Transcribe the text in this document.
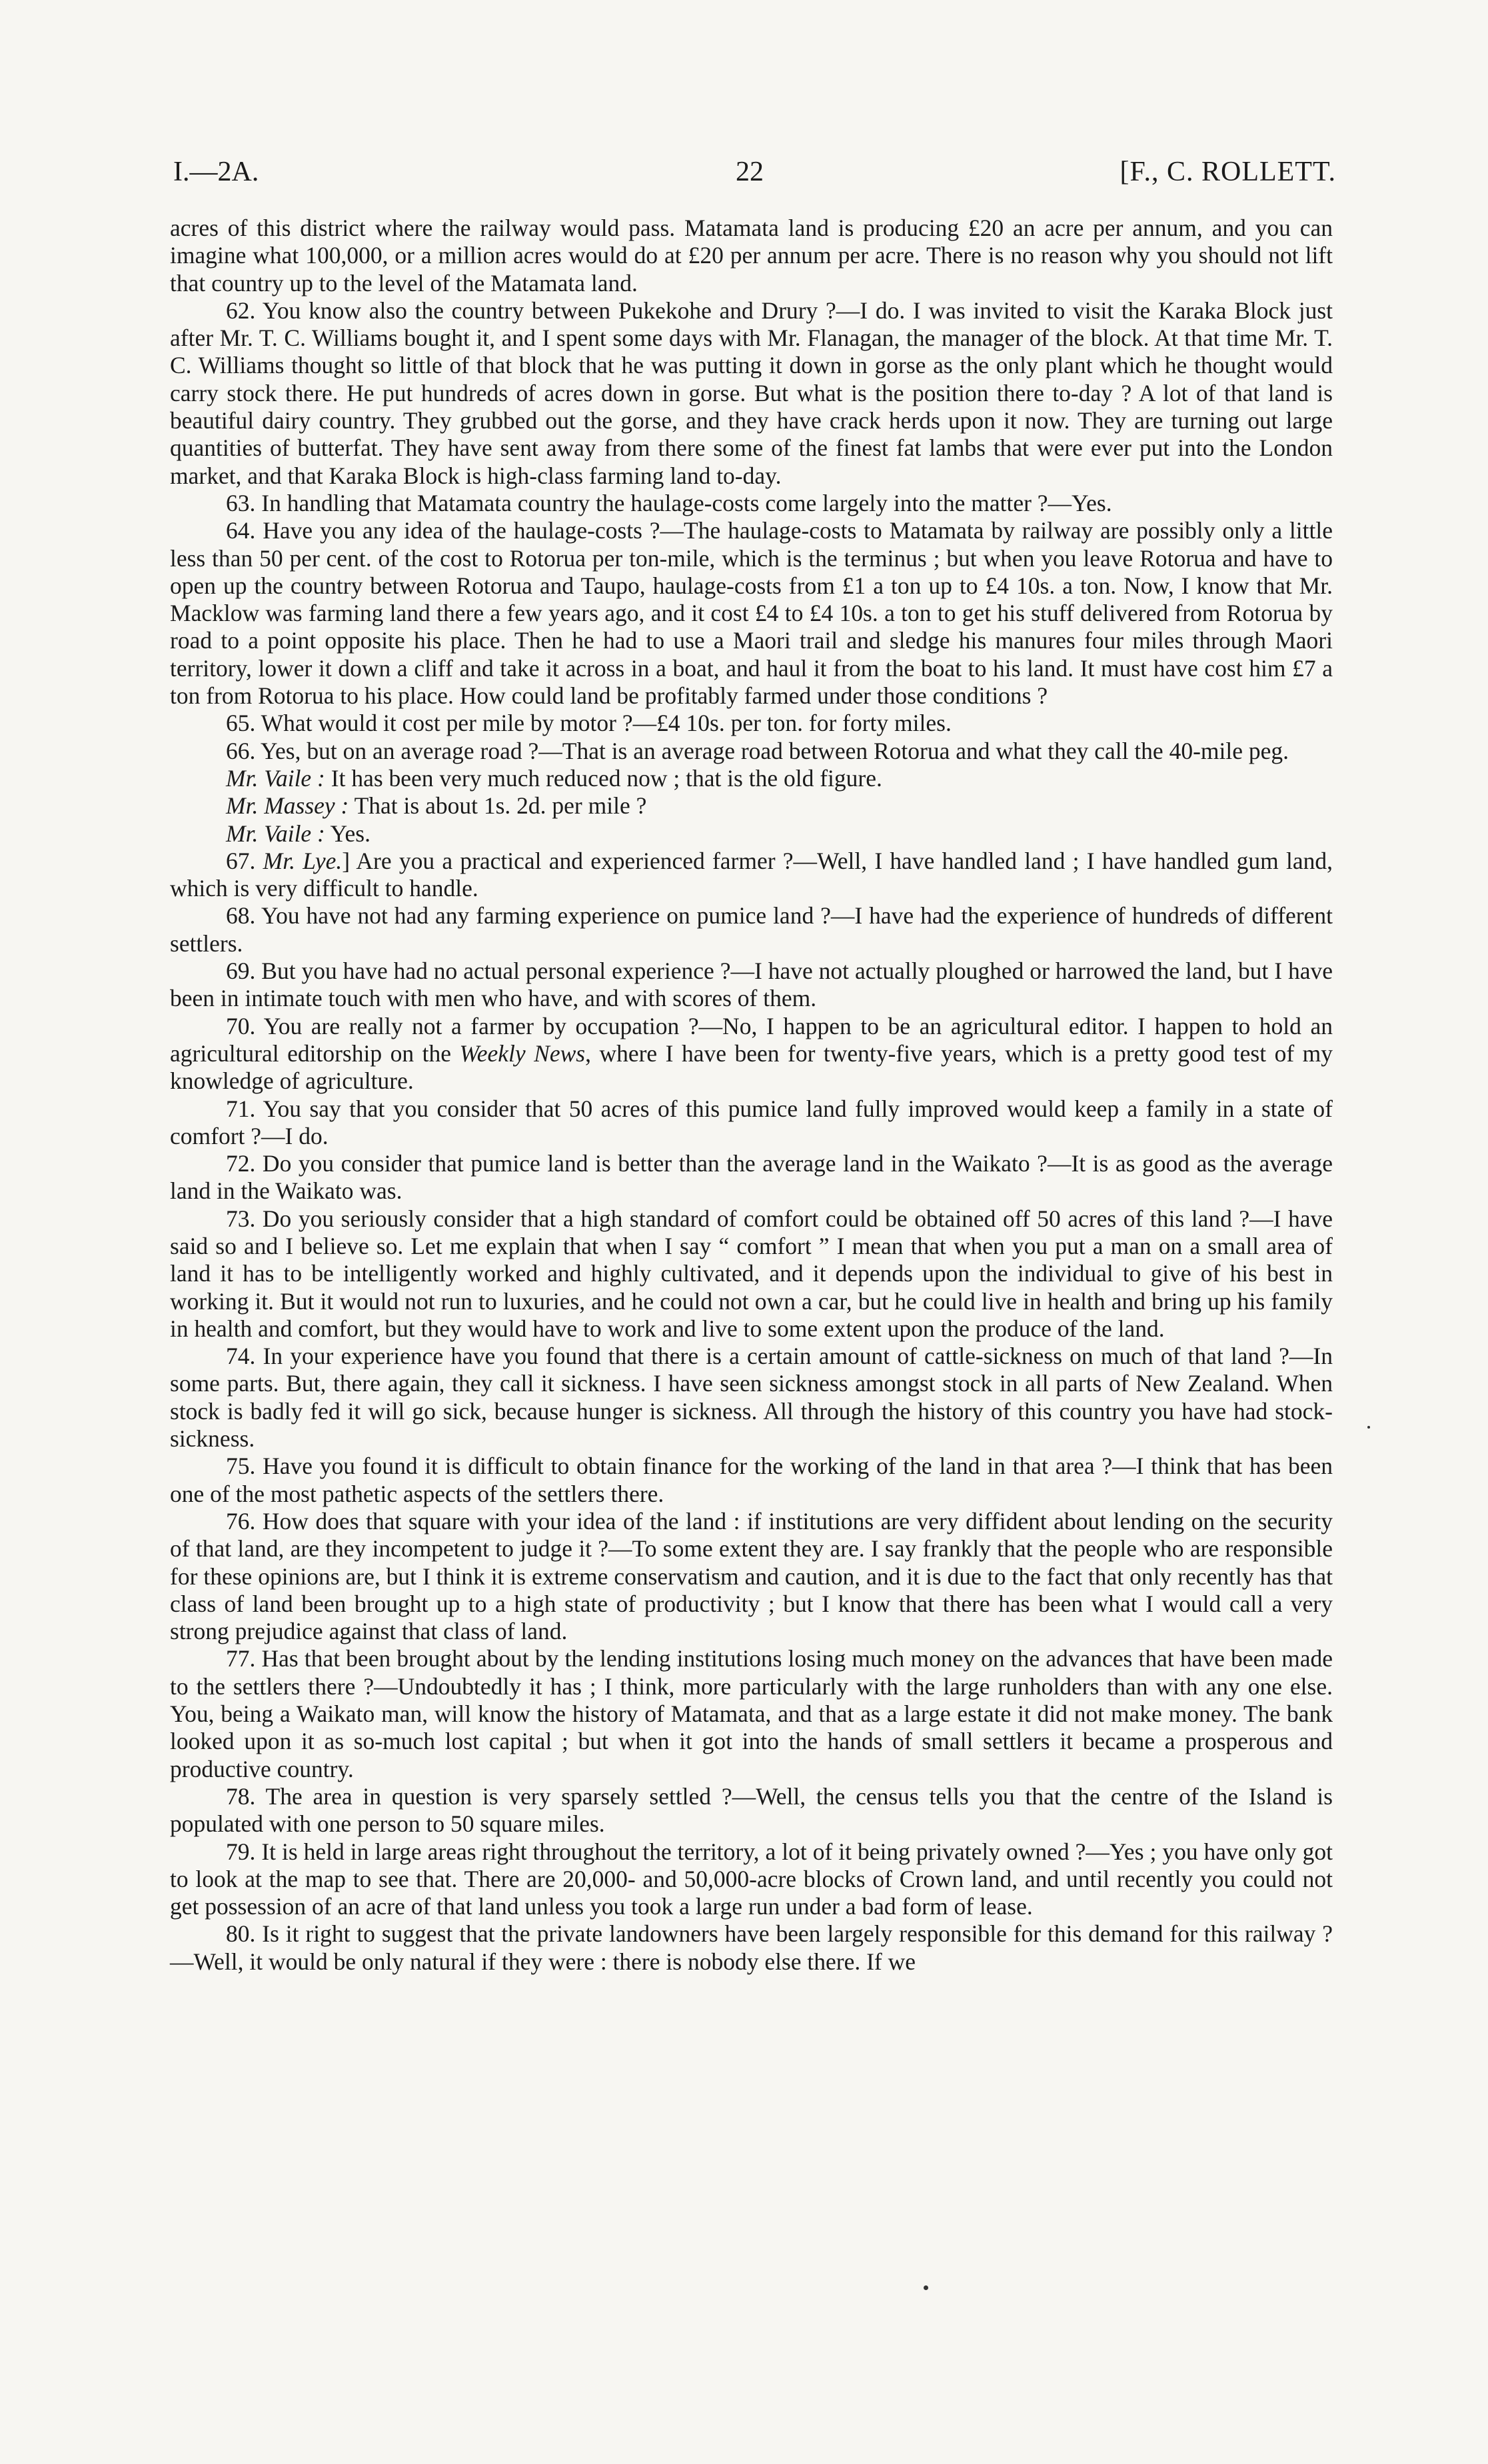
I.—2A.	22	[F., C. ROLLETT.

acres of this district where the railway would pass. Matamata land is producing £20 an acre per annum, and you can imagine what 100,000, or a million acres would do at £20 per annum per acre. There is no reason why you should not lift that country up to the level of the Matamata land.

62. You know also the country between Pukekohe and Drury ?—I do. I was invited to visit the Karaka Block just after Mr. T. C. Williams bought it, and I spent some days with Mr. Flanagan, the manager of the block. At that time Mr. T. C. Williams thought so little of that block that he was putting it down in gorse as the only plant which he thought would carry stock there. He put hundreds of acres down in gorse. But what is the position there to-day ? A lot of that land is beautiful dairy country. They grubbed out the gorse, and they have crack herds upon it now. They are turning out large quantities of butterfat. They have sent away from there some of the finest fat lambs that were ever put into the London market, and that Karaka Block is high-class farming land to-day.

63. In handling that Matamata country the haulage-costs come largely into the matter ?—Yes.

64. Have you any idea of the haulage-costs ?—The haulage-costs to Matamata by railway are possibly only a little less than 50 per cent. of the cost to Rotorua per ton-mile, which is the terminus ; but when you leave Rotorua and have to open up the country between Rotorua and Taupo, haulage-costs from £1 a ton up to £4 10s. a ton. Now, I know that Mr. Macklow was farming land there a few years ago, and it cost £4 to £4 10s. a ton to get his stuff delivered from Rotorua by road to a point opposite his place. Then he had to use a Maori trail and sledge his manures four miles through Maori territory, lower it down a cliff and take it across in a boat, and haul it from the boat to his land. It must have cost him £7 a ton from Rotorua to his place. How could land be profitably farmed under those conditions ?

65. What would it cost per mile by motor ?—£4 10s. per ton. for forty miles.

66. Yes, but on an average road ?—That is an average road between Rotorua and what they call the 40-mile peg.

Mr. Vaile : It has been very much reduced now ; that is the old figure.

Mr. Massey : That is about 1s. 2d. per mile ?

Mr. Vaile : Yes.

67. Mr. Lye.] Are you a practical and experienced farmer ?—Well, I have handled land ; I have handled gum land, which is very difficult to handle.

68. You have not had any farming experience on pumice land ?—I have had the experience of hundreds of different settlers.

69. But you have had no actual personal experience ?—I have not actually ploughed or harrowed the land, but I have been in intimate touch with men who have, and with scores of them.

70. You are really not a farmer by occupation ?—No, I happen to be an agricultural editor. I happen to hold an agricultural editorship on the Weekly News, where I have been for twenty-five years, which is a pretty good test of my knowledge of agriculture.

71. You say that you consider that 50 acres of this pumice land fully improved would keep a family in a state of comfort ?—I do.

72. Do you consider that pumice land is better than the average land in the Waikato ?—It is as good as the average land in the Waikato was.

73. Do you seriously consider that a high standard of comfort could be obtained off 50 acres of this land ?—I have said so and I believe so. Let me explain that when I say “ comfort ” I mean that when you put a man on a small area of land it has to be intelligently worked and highly cultivated, and it depends upon the individual to give of his best in working it. But it would not run to luxuries, and he could not own a car, but he could live in health and bring up his family in health and comfort, but they would have to work and live to some extent upon the produce of the land.

74. In your experience have you found that there is a certain amount of cattle-sickness on much of that land ?—In some parts. But, there again, they call it sickness. I have seen sickness amongst stock in all parts of New Zealand. When stock is badly fed it will go sick, because hunger is sickness. All through the history of this country you have had stock-sickness.

75. Have you found it is difficult to obtain finance for the working of the land in that area ?—I think that has been one of the most pathetic aspects of the settlers there.

76. How does that square with your idea of the land : if institutions are very diffident about lending on the security of that land, are they incompetent to judge it ?—To some extent they are. I say frankly that the people who are responsible for these opinions are, but I think it is extreme conservatism and caution, and it is due to the fact that only recently has that class of land been brought up to a high state of productivity ; but I know that there has been what I would call a very strong prejudice against that class of land.

77. Has that been brought about by the lending institutions losing much money on the advances that have been made to the settlers there ?—Undoubtedly it has ; I think, more particularly with the large runholders than with any one else. You, being a Waikato man, will know the history of Matamata, and that as a large estate it did not make money. The bank looked upon it as so-much lost capital ; but when it got into the hands of small settlers it became a prosperous and productive country.

78. The area in question is very sparsely settled ?—Well, the census tells you that the centre of the Island is populated with one person to 50 square miles.

79. It is held in large areas right throughout the territory, a lot of it being privately owned ?—Yes ; you have only got to look at the map to see that. There are 20,000- and 50,000-acre blocks of Crown land, and until recently you could not get possession of an acre of that land unless you took a large run under a bad form of lease.

80. Is it right to suggest that the private landowners have been largely responsible for this demand for this railway ?—Well, it would be only natural if they were : there is nobody else there. If we
